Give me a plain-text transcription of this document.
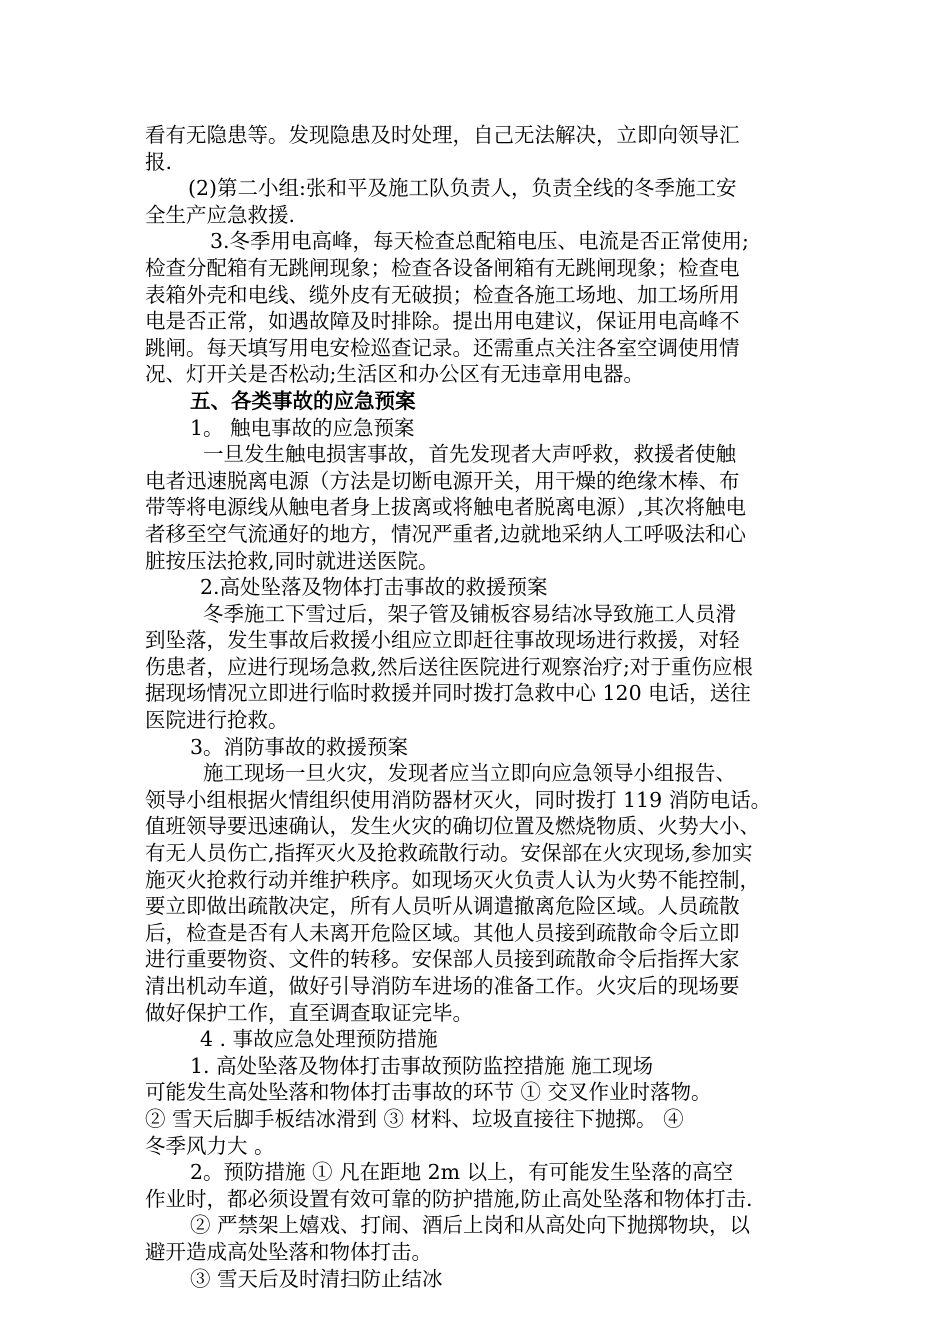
看有无隐患等。发现隐患及时处理，自己无法解决，立即向领导汇
报.

(2)第二小组:张和平及施工队负责人，负责全线的冬季施工安
全生产应急救援.

3.冬季用电高峰，每天检查总配箱电压、电流是否正常使用;
检查分配箱有无跳闸现象；检查各设备闸箱有无跳闸现象；检查电
表箱外壳和电线、缆外皮有无破损；检查各施工场地、加工场所用
电是否正常，如遇故障及时排除。提出用电建议，保证用电高峰不
跳闸。每天填写用电安检巡查记录。还需重点关注各室空调使用情
况、灯开关是否松动;生活区和办公区有无违章用电器。

五、各类事故的应急预案

1。 触电事故的应急预案

一旦发生触电损害事故，首先发现者大声呼救，救援者使触
电者迅速脱离电源（方法是切断电源开关，用干燥的绝缘木棒、布
带等将电源线从触电者身上拔离或将触电者脱离电源）,其次将触电
者移至空气流通好的地方，情况严重者,边就地采纳人工呼吸法和心
脏按压法抢救,同时就进送医院。

2.高处坠落及物体打击事故的救援预案

冬季施工下雪过后，架子管及铺板容易结冰导致施工人员滑
到坠落，发生事故后救援小组应立即赶往事故现场进行救援，对轻
伤患者，应进行现场急救,然后送往医院进行观察治疗;对于重伤应根
据现场情况立即进行临时救援并同时拨打急救中心 120 电话，送往
医院进行抢救。

3。消防事故的救援预案

施工现场一旦火灾，发现者应当立即向应急领导小组报告、
领导小组根据火情组织使用消防器材灭火，同时拨打 119 消防电话。
值班领导要迅速确认，发生火灾的确切位置及燃烧物质、火势大小、
有无人员伤亡,指挥灭火及抢救疏散行动。安保部在火灾现场,参加实
施灭火抢救行动并维护秩序。如现场灭火负责人认为火势不能控制，
要立即做出疏散决定，所有人员听从调遣撤离危险区域。人员疏散
后，检查是否有人未离开危险区域。其他人员接到疏散命令后立即
进行重要物资、文件的转移。安保部人员接到疏散命令后指挥大家
清出机动车道，做好引导消防车进场的准备工作。火灾后的现场要
做好保护工作，直至调查取证完毕。

4 . 事故应急处理预防措施

1. 高处坠落及物体打击事故预防监控措施 施工现场
可能发生高处坠落和物体打击事故的环节 ① 交叉作业时落物。
② 雪天后脚手板结冰滑到 ③ 材料、垃圾直接往下抛掷。 ④
冬季风力大 。

2。预防措施 ① 凡在距地 2m 以上，有可能发生坠落的高空
作业时，都必须设置有效可靠的防护措施,防止高处坠落和物体打击.

② 严禁架上嬉戏、打闹、酒后上岗和从高处向下抛掷物块，以
避开造成高处坠落和物体打击。

③ 雪天后及时清扫防止结冰
